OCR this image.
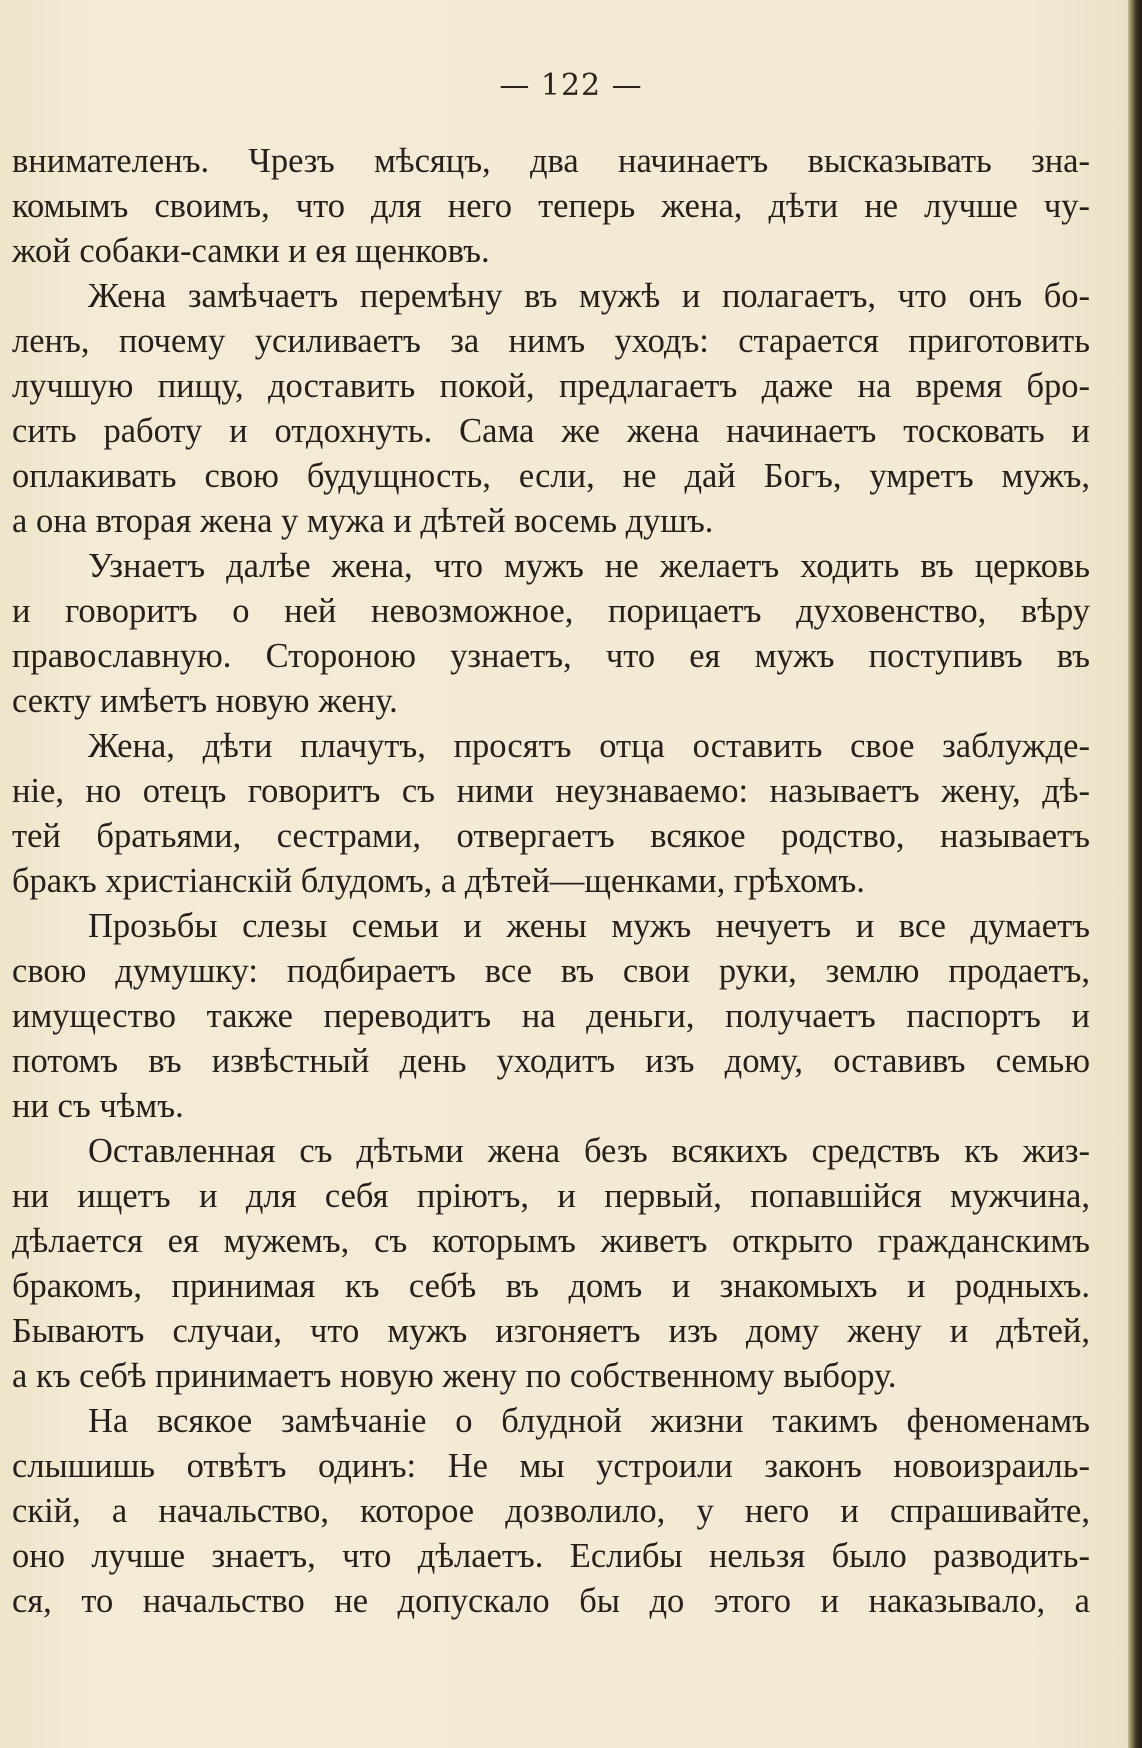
— 122 —
внимателенъ. Чрезъ мѣсяцъ, два начинаетъ высказывать зна-
комымъ своимъ, что для него теперь жена, дѣти не лучше чу-
жой собаки-самки и ея щенковъ.
Жена замѣчаетъ перемѣну въ мужѣ и полагаетъ, что онъ бо-
ленъ, почему усиливаетъ за нимъ уходъ: старается приготовить
лучшую пищу, доставить покой, предлагаетъ даже на время бро-
сить работу и отдохнуть. Сама же жена начинаетъ тосковать и
оплакивать свою будущность, если, не дай Богъ, умретъ мужъ,
а она вторая жена у мужа и дѣтей восемь душъ.
Узнаетъ далѣе жена, что мужъ не желаетъ ходить въ церковь
и говоритъ о ней невозможное, порицаетъ духовенство, вѣру
православную. Стороною узнаетъ, что ея мужъ поступивъ въ
секту имѣетъ новую жену.
Жена, дѣти плачутъ, просятъ отца оставить свое заблужде-
ніе, но отецъ говоритъ съ ними неузнаваемо: называетъ жену, дѣ-
тей братьями, сестрами, отвергаетъ всякое родство, называетъ
бракъ христіанскій блудомъ, а дѣтей—щенками, грѣхомъ.
Прозьбы слезы семьи и жены мужъ нечуетъ и все думаетъ
свою думушку: подбираетъ все въ свои руки, землю продаетъ,
имущество также переводитъ на деньги, получаетъ паспортъ и
потомъ въ извѣстный день уходитъ изъ дому, оставивъ семью
ни съ чѣмъ.
Оставленная съ дѣтьми жена безъ всякихъ средствъ къ жиз-
ни ищетъ и для себя пріютъ, и первый, попавшійся мужчина,
дѣлается ея мужемъ, съ которымъ живетъ открыто гражданскимъ
бракомъ, принимая къ себѣ въ домъ и знакомыхъ и родныхъ.
Бываютъ случаи, что мужъ изгоняетъ изъ дому жену и дѣтей,
а къ себѣ принимаетъ новую жену по собственному выбору.
На всякое замѣчаніе о блудной жизни такимъ феноменамъ
слышишь отвѣтъ одинъ: Не мы устроили законъ новоизраиль-
скій, а начальство, которое дозволило, у него и спрашивайте,
оно лучше знаетъ, что дѣлаетъ. Еслибы нельзя было разводить-
ся, то начальство не допускало бы до этого и наказывало, а
